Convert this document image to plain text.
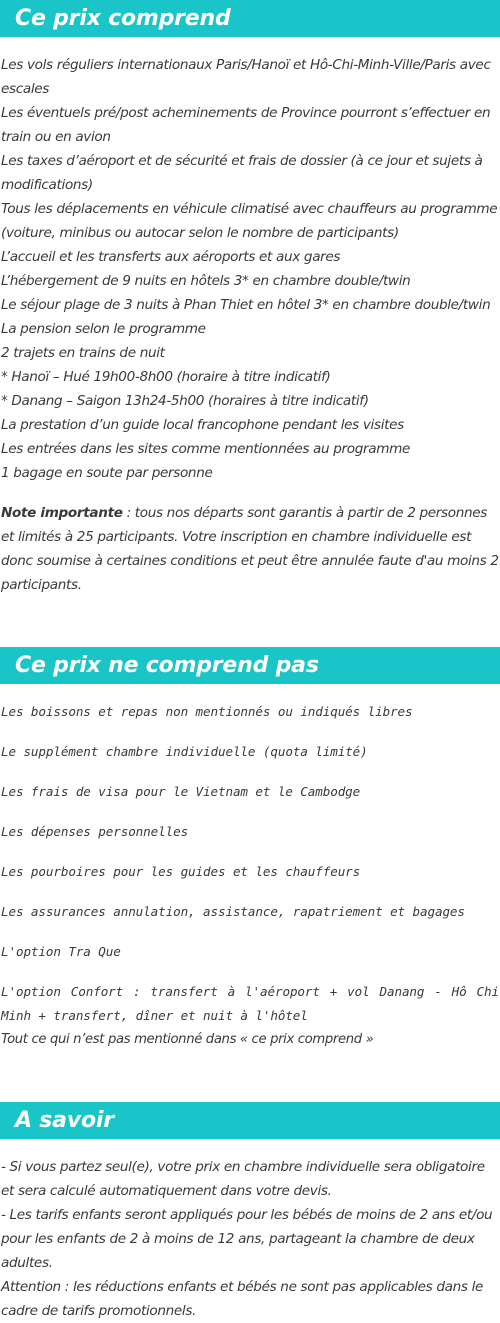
Ce prix comprend
Les vols réguliers internationaux Paris/Hanoï et Hô-Chi-Minh-Ville/Paris avec escales
Les éventuels pré/post acheminements de Province pourront s’effectuer en train ou en avion
Les taxes d’aéroport et de sécurité et frais de dossier (à ce jour et sujets à modifications)
Tous les déplacements en véhicule climatisé avec chauffeurs au programme (voiture, minibus ou autocar selon le nombre de participants)
L’accueil et les transferts aux aéroports et aux gares
L’hébergement de 9 nuits en hôtels 3* en chambre double/twin
Le séjour plage de 3 nuits à Phan Thiet en hôtel 3* en chambre double/twin
La pension selon le programme
2 trajets en trains de nuit
* Hanoï – Hué 19h00-8h00 (horaire à titre indicatif)
* Danang – Saigon 13h24-5h00 (horaires à titre indicatif)
La prestation d’un guide local francophone pendant les visites
Les entrées dans les sites comme mentionnées au programme
1 bagage en soute par personne
Note importante : tous nos départs sont garantis à partir de 2 personnes et limités à 25 participants. Votre inscription en chambre individuelle est donc soumise à certaines conditions et peut être annulée faute d'au moins 2 participants.
Ce prix ne comprend pas
Les boissons et repas non mentionnés ou indiqués libres
Le supplément chambre individuelle (quota limité)
Les frais de visa pour le Vietnam et le Cambodge
Les dépenses personnelles
Les pourboires pour les guides et les chauffeurs
Les assurances annulation, assistance, rapatriement et bagages
L'option Tra Que
L'option Confort : transfert à l'aéroport + vol Danang - Hô Chi Minh + transfert, dîner et nuit à l'hôtel
Tout ce qui n’est pas mentionné dans « ce prix comprend »
A savoir
- Si vous partez seul(e), votre prix en chambre individuelle sera obligatoire et sera calculé automatiquement dans votre devis.
- Les tarifs enfants seront appliqués pour les bébés de moins de 2 ans et/ou pour les enfants de 2 à moins de 12 ans, partageant la chambre de deux adultes.
Attention : les réductions enfants et bébés ne sont pas applicables dans le cadre de tarifs promotionnels.
